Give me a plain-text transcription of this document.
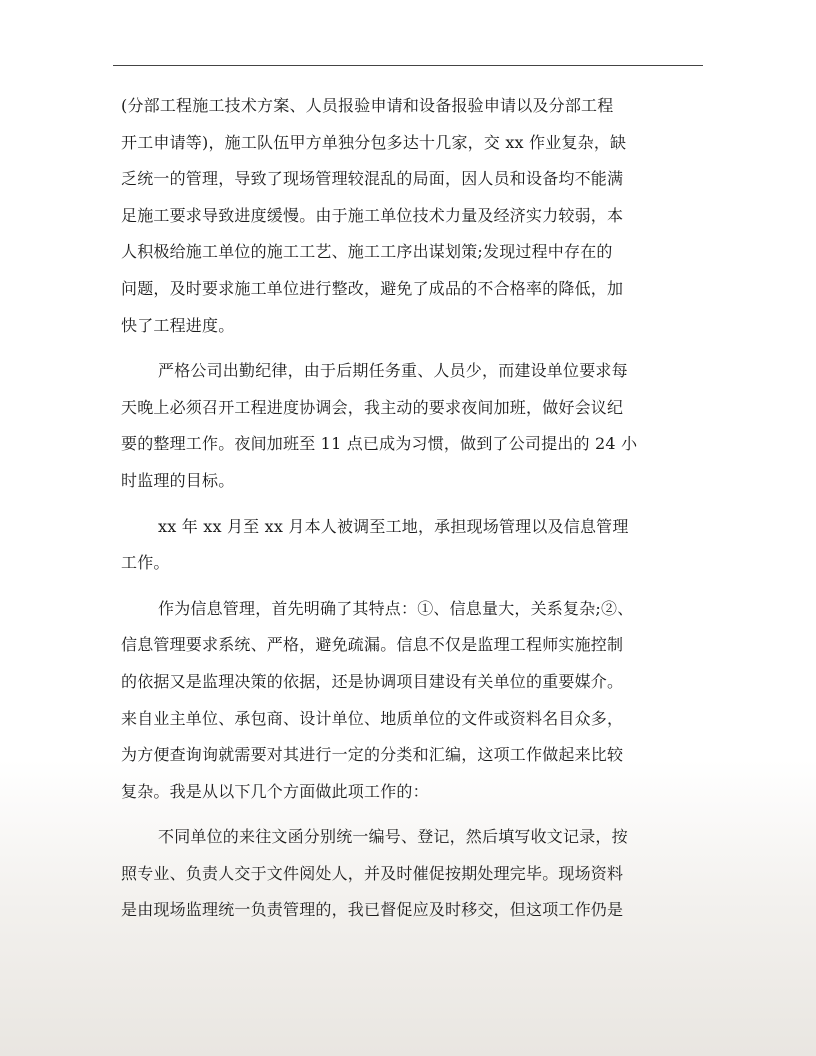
(分部工程施工技术方案、人员报验申请和设备报验申请以及分部工程
开工申请等)，施工队伍甲方单独分包多达十几家，交 xx 作业复杂，缺
乏统一的管理，导致了现场管理较混乱的局面，因人员和设备均不能满
足施工要求导致进度缓慢。由于施工单位技术力量及经济实力较弱，本
人积极给施工单位的施工工艺、施工工序出谋划策;发现过程中存在的
问题，及时要求施工单位进行整改，避免了成品的不合格率的降低，加
快了工程进度。

严格公司出勤纪律，由于后期任务重、人员少，而建设单位要求每
天晚上必须召开工程进度协调会，我主动的要求夜间加班，做好会议纪
要的整理工作。夜间加班至 11 点已成为习惯，做到了公司提出的 24 小
时监理的目标。

xx 年 xx 月至 xx 月本人被调至工地，承担现场管理以及信息管理
工作。

作为信息管理，首先明确了其特点：①、信息量大，关系复杂;②、
信息管理要求系统、严格，避免疏漏。信息不仅是监理工程师实施控制
的依据又是监理决策的依据，还是协调项目建设有关单位的重要媒介。
来自业主单位、承包商、设计单位、地质单位的文件或资料名目众多，
为方便查询询就需要对其进行一定的分类和汇编，这项工作做起来比较
复杂。我是从以下几个方面做此项工作的：

不同单位的来往文函分别统一编号、登记，然后填写收文记录，按
照专业、负责人交于文件阅处人，并及时催促按期处理完毕。现场资料
是由现场监理统一负责管理的，我已督促应及时移交，但这项工作仍是
